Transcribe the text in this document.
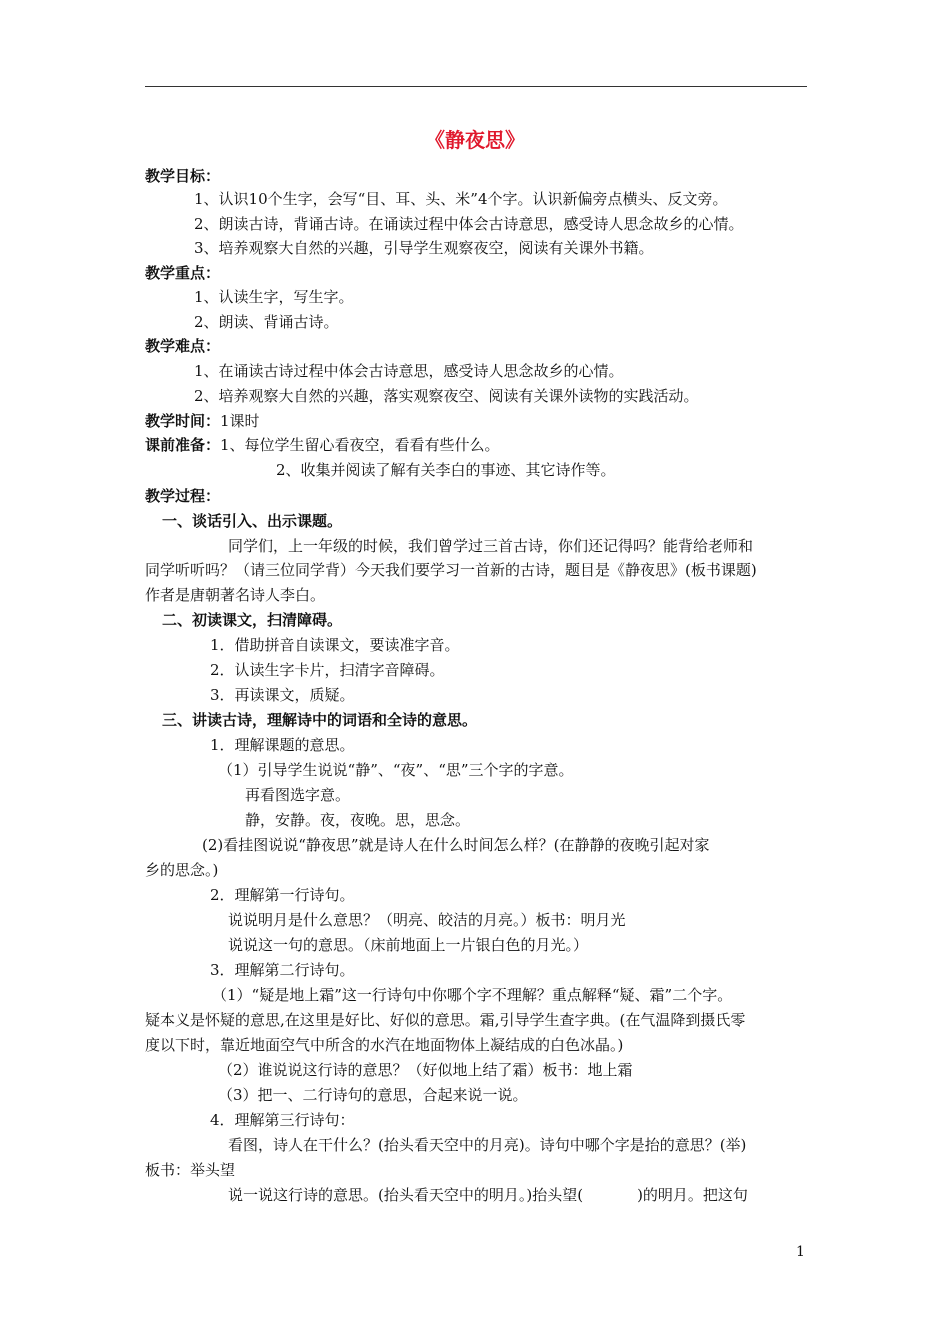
《静夜思》
教学目标：
1、认识10个生字，会写“目、耳、头、米”4个字。认识新偏旁点横头、反文旁。
2、朗读古诗，背诵古诗。在诵读过程中体会古诗意思，感受诗人思念故乡的心情。
3、培养观察大自然的兴趣，引导学生观察夜空，阅读有关课外书籍。
教学重点：
1、认读生字，写生字。
2、朗读、背诵古诗。
教学难点：
1、在诵读古诗过程中体会古诗意思，感受诗人思念故乡的心情。
2、培养观察大自然的兴趣，落实观察夜空、阅读有关课外读物的实践活动。
教学时间：1课时
课前准备：1、每位学生留心看夜空，看看有些什么。
2、收集并阅读了解有关李白的事迹、其它诗作等。
教学过程：
一、谈话引入、出示课题。
同学们，上一年级的时候，我们曾学过三首古诗，你们还记得吗？能背给老师和
同学听听吗？（请三位同学背）今天我们要学习一首新的古诗，题目是《静夜思》(板书课题)
作者是唐朝著名诗人李白。
二、初读课文，扫清障碍。
1．借助拼音自读课文，要读准字音。
2．认读生字卡片，扫清字音障碍。
3．再读课文，质疑。
三、讲读古诗，理解诗中的词语和全诗的意思。
1．理解课题的意思。
（1）引导学生说说“静”、“夜”、“思”三个字的字意。
再看图选字意。
静，安静。夜，夜晚。思，思念。
(2)看挂图说说“静夜思”就是诗人在什么时间怎么样？(在静静的夜晚引起对家
乡的思念。)
2．理解第一行诗句。
说说明月是什么意思？（明亮、皎洁的月亮。）板书：明月光
说说这一句的意思。（床前地面上一片银白色的月光。）
3．理解第二行诗句。
（1）“疑是地上霜”这一行诗句中你哪个字不理解？重点解释“疑、霜”二个字。
疑本义是怀疑的意思,在这里是好比、好似的意思。霜,引导学生查字典。(在气温降到摄氏零
度以下时，靠近地面空气中所含的水汽在地面物体上凝结成的白色冰晶。)
（2）谁说说这行诗的意思？（好似地上结了霜）板书：地上霜
（3）把一、二行诗句的意思，合起来说一说。
4．理解第三行诗句：
看图，诗人在干什么？(抬头看天空中的月亮)。诗句中哪个字是抬的意思？(举)
板书：举头望
说一说这行诗的意思。(抬头看天空中的明月。)抬头望(	)的明月。把这句
1
